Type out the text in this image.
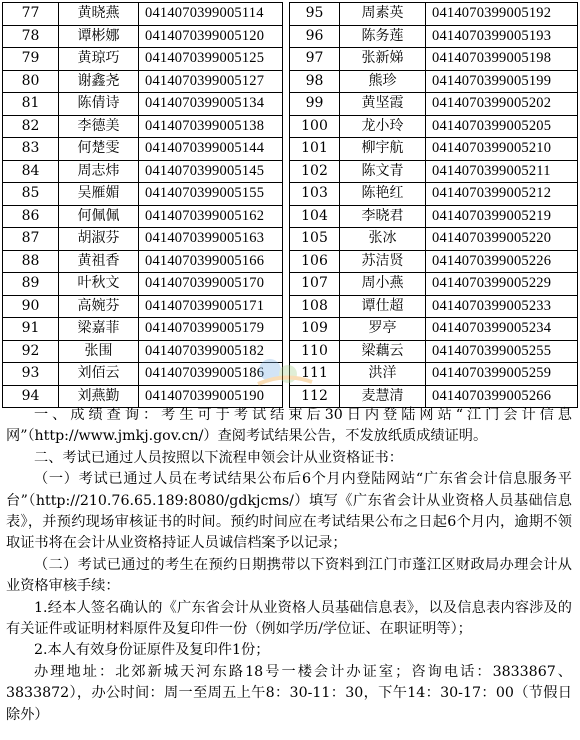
77	黄晓燕	0414070399005114
78	谭彬娜	0414070399005120
79	黄琼巧	0414070399005125
80	谢鑫尧	0414070399005127
81	陈倩诗	0414070399005134
82	李德美	0414070399005138
83	何楚雯	0414070399005144
84	周志炜	0414070399005145
85	吴雁媚	0414070399005155
86	何佩佩	0414070399005162
87	胡淑芬	0414070399005163
88	黄祖香	0414070399005166
89	叶秋文	0414070399005170
90	高婉芬	0414070399005171
91	梁嘉菲	0414070399005179
92	张围	0414070399005182
93	刘佰云	0414070399005186
94	刘燕勤	0414070399005190
95	周素英	0414070399005192
96	陈务莲	0414070399005193
97	张新娣	0414070399005198
98	熊珍	0414070399005199
99	黄坚霞	0414070399005202
100	龙小玲	0414070399005205
101	柳宇航	0414070399005210
102	陈文青	0414070399005211
103	陈艳红	0414070399005212
104	李晓君	0414070399005219
105	张冰	0414070399005220
106	苏洁贤	0414070399005226
107	周小燕	0414070399005229
108	谭仕超	0414070399005233
109	罗亭	0414070399005234
110	梁藕云	0414070399005255
111	洪洋	0414070399005259
112	麦慧清	0414070399005266

一、成绩查询：考生可于考试结束后30日内登陆网站“江门会计信息网”（http://www.jmkj.gov.cn/）查阅考试结果公告，不发放纸质成绩证明。

二、考试已通过人员按照以下流程申领会计从业资格证书：

（一）考试已通过人员在考试结果公布后6个月内登陆网站“广东省会计信息服务平台”（http://210.76.65.189:8080/gdkjcms/）填写《广东省会计从业资格人员基础信息表》，并预约现场审核证书的时间。预约时间应在考试结果公布之日起6个月内，逾期不领取证书将在会计从业资格持证人员诚信档案予以记录；

（二）考试已通过的考生在预约日期携带以下资料到江门市蓬江区财政局办理会计从业资格审核手续：

1.经本人签名确认的《广东省会计从业资格人员基础信息表》，以及信息表内容涉及的有关证件或证明材料原件及复印件一份（例如学历/学位证、在职证明等）；

2.本人有效身份证原件及复印件1份；

办理地址：北郊新城天河东路18号一楼会计办证室；咨询电话：3833867、3833872），办公时间：周一至周五上午8：30-11：30，下午14：30-17：00（节假日除外）
